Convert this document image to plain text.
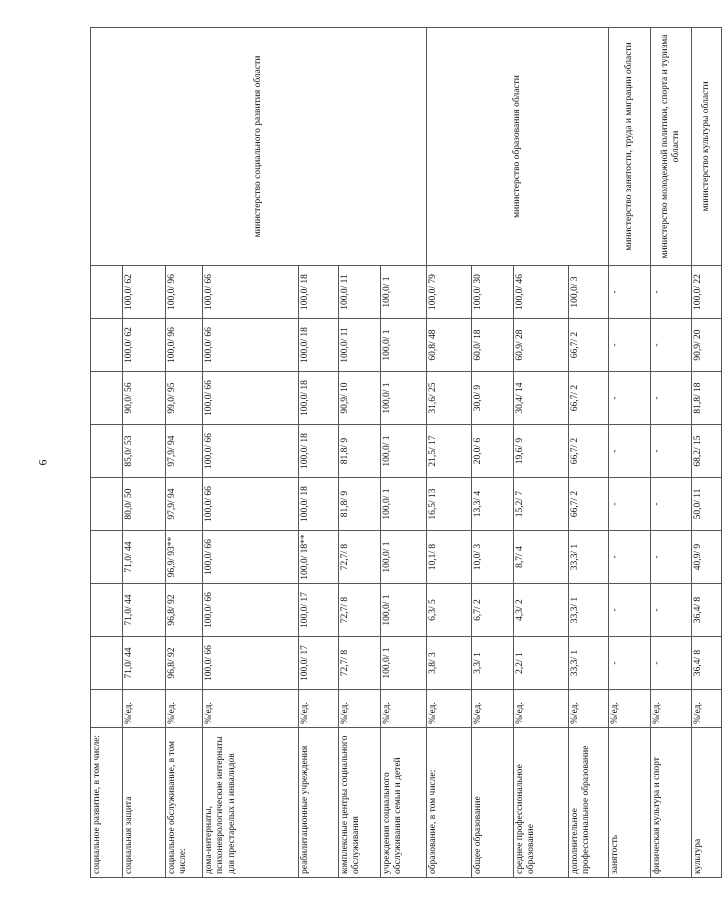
6
социальное развитие, в том числе:										министерство социального развития области
социальная защита	%/ед.	71,0/ 44	71,0/ 44	71,0/ 44	80,0/ 50	85,0/ 53	90,0/ 56	100,0/ 62	100,0/ 62	
социальное обслуживание, в том числе:	%/ед.	96,8/ 92	96,8/ 92	96,9/ 93**	97,9/ 94	97,9/ 94	99,0/ 95	100,0/ 96	100,0/ 96	
дома-интернаты, психоневрологические интернаты для престарелых и инвалидов	%/ед.	100,0/ 66	100,0/ 66	100,0/ 66	100,0/ 66	100,0/ 66	100,0/ 66	100,0/ 66	100,0/ 66	
реабилитационные учреждения	%/ед.	100,0/ 17	100,0/ 17	100,0/ 18**	100,0/ 18	100,0/ 18	100,0/ 18	100,0/ 18	100,0/ 18	
комплексные центры социального обслуживания	%/ед.	72,7/ 8	72,7/ 8	72,7/ 8	81,8/ 9	81,8/ 9	90,9/ 10	100,0/ 11	100,0/ 11	
учреждения социального обслуживания семьи и детей	%/ед.	100,0/ 1	100,0/ 1	100,0/ 1	100,0/ 1	100,0/ 1	100,0/ 1	100,0/ 1	100,0/ 1	
образование, в том числе:	%/ед.	3,8/ 3	6,3/ 5	10,1/ 8	16,5/ 13	21,5/ 17	31,6/ 25	60,8/ 48	100,0/ 79	министерство образования области
общее образование	%/ед.	3,3/ 1	6,7/ 2	10,0/ 3	13,3/ 4	20,0/ 6	30,0/ 9	60,0/ 18	100,0/ 30	
среднее профессиональное образование	%/ед.	2,2/ 1	4,3/ 2	8,7/ 4	15,2/ 7	19,6/ 9	30,4/ 14	60,9/ 28	100,0/ 46	
дополнительное профессиональное образование	%/ед.	33,3/ 1	33,3/ 1	33,3/ 1	66,7/ 2	66,7/ 2	66,7/ 2	66,7/ 2	100,0/ 3	
занятость	%/ед.	-	-	-	-	-	-	-	-	министерство занятости, труда и миграции области
физическая культура и спорт	%/ед.	-	-	-	-	-	-	-	-	министерство молодежной политики, спорта и туризма области
культура	%/ед.	36,4/ 8	36,4/ 8	40,9/ 9	50,0/ 11	68,2/ 15	81,8/ 18	90,9/ 20	100,0/ 22	министерство культуры области
